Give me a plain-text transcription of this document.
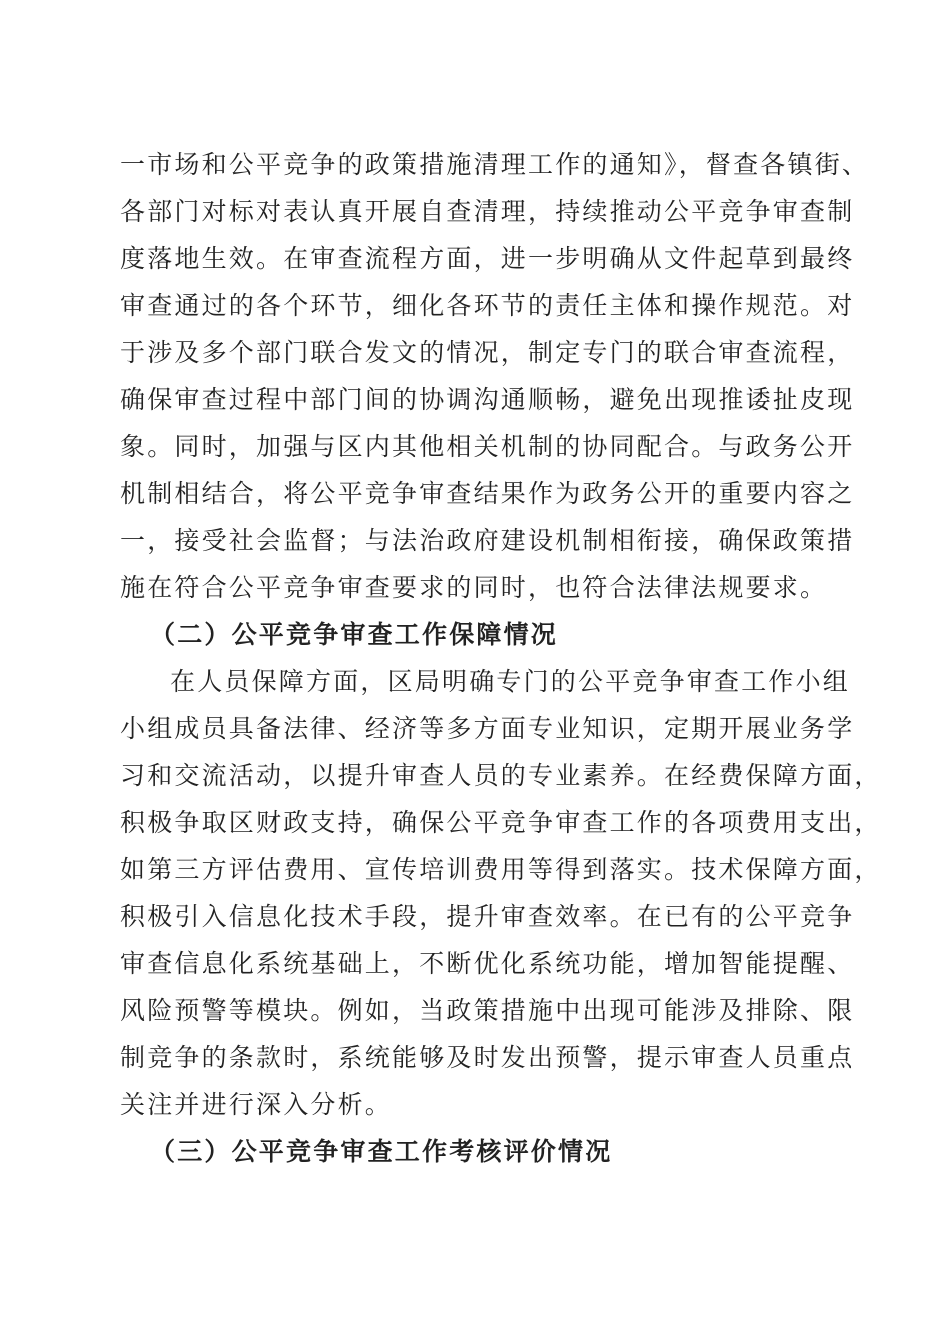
一市场和公平竞争的政策措施清理工作的通知》，督查各镇街、
各部门对标对表认真开展自查清理，持续推动公平竞争审查制
度落地生效。在审查流程方面，进一步明确从文件起草到最终
审查通过的各个环节，细化各环节的责任主体和操作规范。对
于涉及多个部门联合发文的情况，制定专门的联合审查流程，
确保审查过程中部门间的协调沟通顺畅，避免出现推诿扯皮现
象。同时，加强与区内其他相关机制的协同配合。与政务公开
机制相结合，将公平竞争审查结果作为政务公开的重要内容之
一，接受社会监督；与法治政府建设机制相衔接，确保政策措
施在符合公平竞争审查要求的同时，也符合法律法规要求。
（二）公平竞争审查工作保障情况
在人员保障方面，区局明确专门的公平竞争审查工作小组
小组成员具备法律、经济等多方面专业知识，定期开展业务学
习和交流活动，以提升审查人员的专业素养。在经费保障方面，
积极争取区财政支持，确保公平竞争审查工作的各项费用支出，
如第三方评估费用、宣传培训费用等得到落实。技术保障方面，
积极引入信息化技术手段，提升审查效率。在已有的公平竞争
审查信息化系统基础上，不断优化系统功能，增加智能提醒、
风险预警等模块。例如，当政策措施中出现可能涉及排除、限
制竞争的条款时，系统能够及时发出预警，提示审查人员重点
关注并进行深入分析。
（三）公平竞争审查工作考核评价情况
